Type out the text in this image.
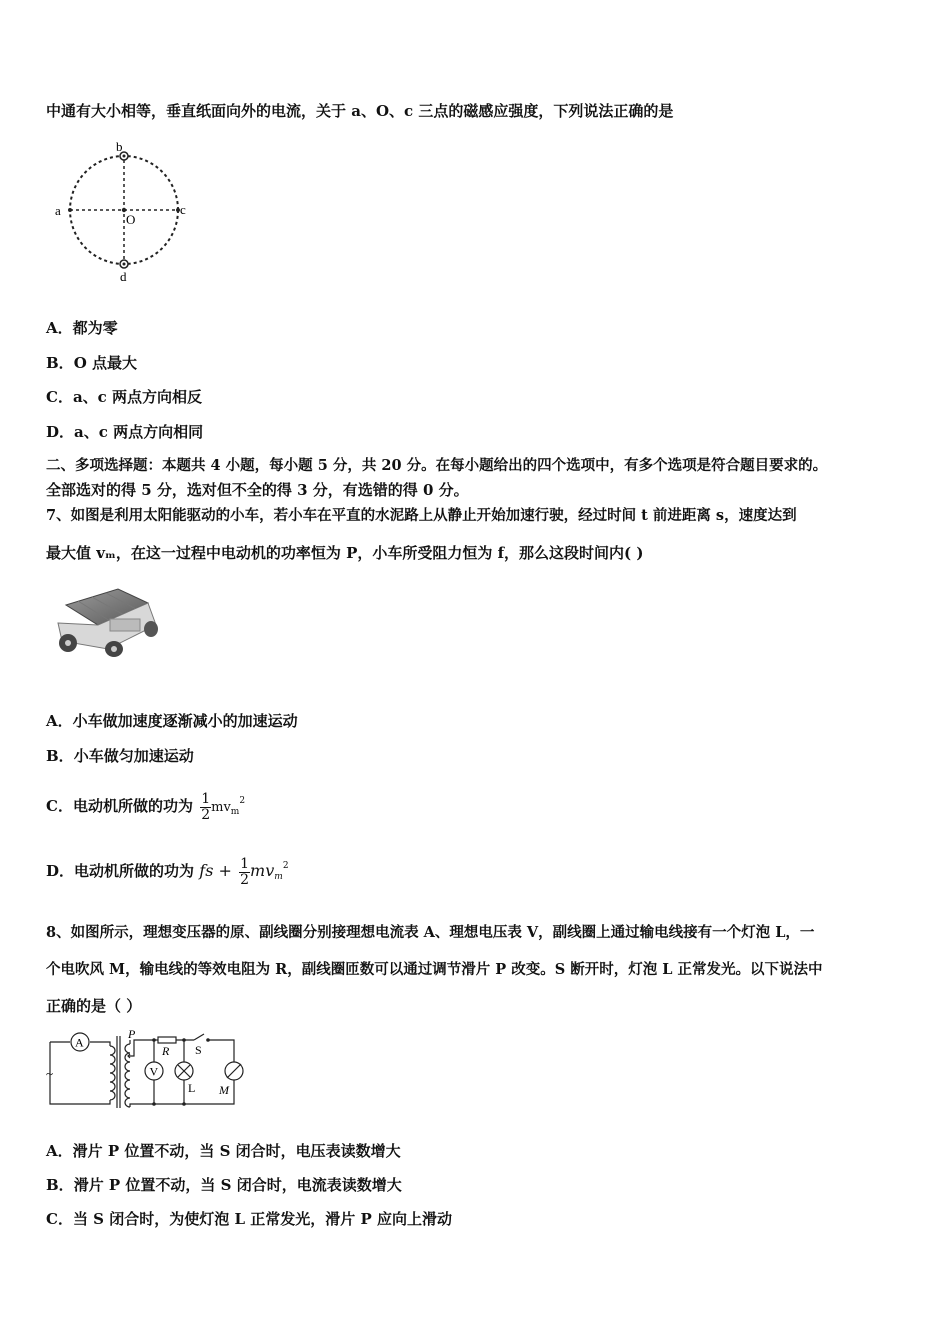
中通有大小相等，垂直纸面向外的电流，关于 a、O、c 三点的磁感应强度，下列说法正确的是
b
a	c
O
d
A．都为零
B．O 点最大
C．a、c 两点方向相反
D．a、c 两点方向相同
二、多项选择题：本题共 4 小题，每小题 5 分，共 20 分。在每小题给出的四个选项中，有多个选项是符合题目要求的。
全部选对的得 5 分，选对但不全的得 3 分，有选错的得 0 分。
7、如图是利用太阳能驱动的小车，若小车在平直的水泥路上从静止开始加速行驶，经过时间 t 前进距离 s，速度达到
最大值 vₘ，在这一过程中电动机的功率恒为 P，小车所受阻力恒为 f，那么这段时间内( )
A．小车做加速度逐渐减小的加速运动
B．小车做匀加速运动
C．电动机所做的功为 $\frac{1}{2} mv_m^2$
D．电动机所做的功为 fs + $\frac{1}{2} mv_m^2$
8、如图所示，理想变压器的原、副线圈分别接理想电流表 A、理想电压表 V，副线圈上通过输电线接有一个灯泡 L，一
个电吹风 M，输电线的等效电阻为 R，副线圈匝数可以通过调节滑片 P 改变。S 断开时，灯泡 L 正常发光。以下说法中
正确的是（ ）
A
V
~
P
R S
L M
A．滑片 P 位置不动，当 S 闭合时，电压表读数增大
B．滑片 P 位置不动，当 S 闭合时，电流表读数增大
C．当 S 闭合时，为使灯泡 L 正常发光，滑片 P 应向上滑动
